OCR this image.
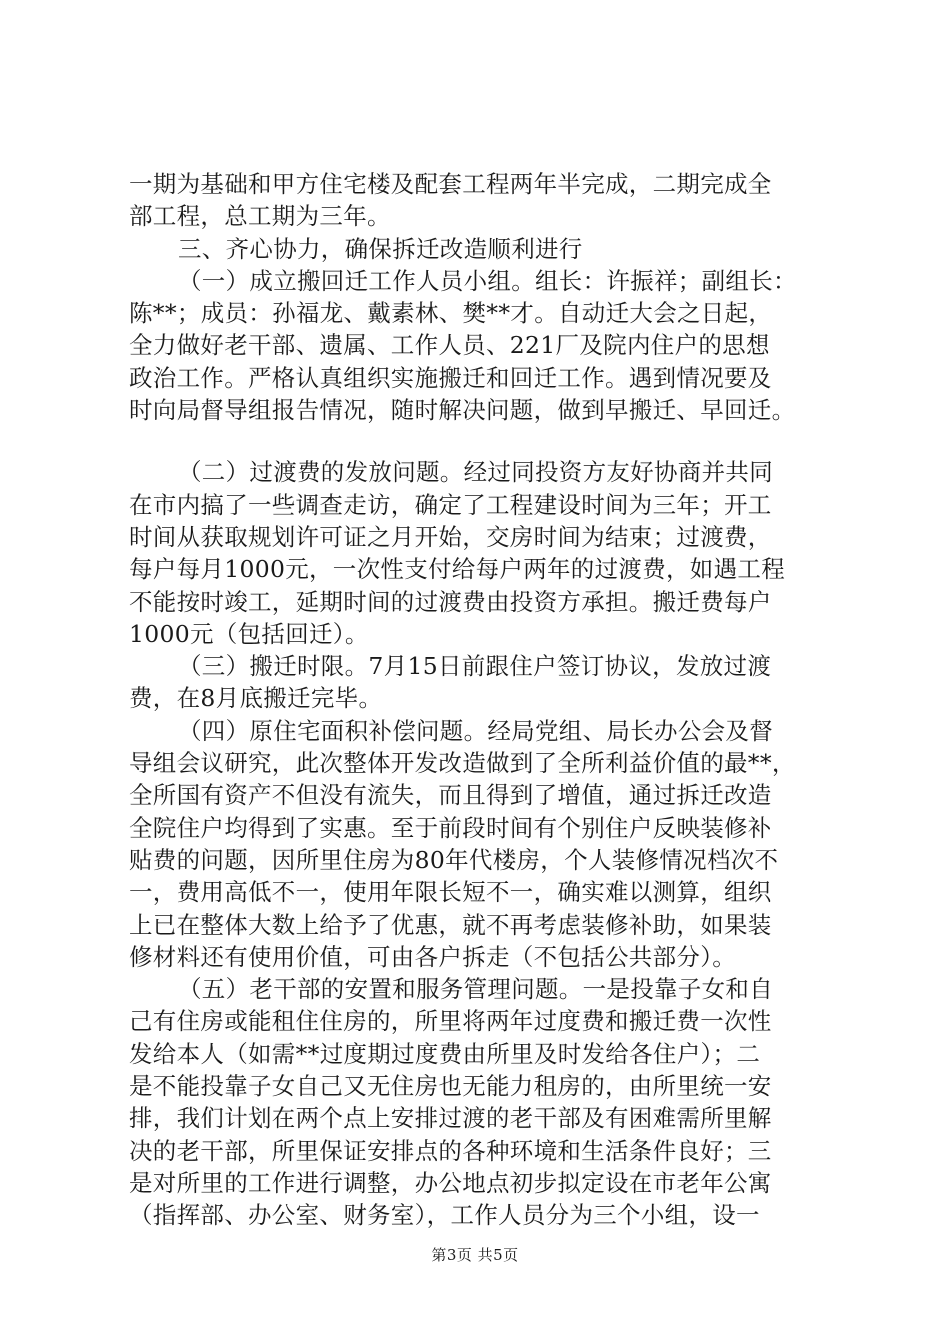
一期为基础和甲方住宅楼及配套工程两年半完成，二期完成全
部工程，总工期为三年。
三、齐心协力，确保拆迁改造顺利进行
（一）成立搬回迁工作人员小组。组长：许振祥；副组长：
陈**；成员：孙福龙、戴素林、樊**才。自动迁大会之日起，
全力做好老干部、遗属、工作人员、221厂及院内住户的思想
政治工作。严格认真组织实施搬迁和回迁工作。遇到情况要及
时向局督导组报告情况，随时解决问题，做到早搬迁、早回迁。
（二）过渡费的发放问题。经过同投资方友好协商并共同
在市内搞了一些调查走访，确定了工程建设时间为三年；开工
时间从获取规划许可证之月开始，交房时间为结束；过渡费，
每户每月1000元，一次性支付给每户两年的过渡费，如遇工程
不能按时竣工，延期时间的过渡费由投资方承担。搬迁费每户
1000元（包括回迁）。
（三）搬迁时限。7月15日前跟住户签订协议，发放过渡
费，在8月底搬迁完毕。
（四）原住宅面积补偿问题。经局党组、局长办公会及督
导组会议研究，此次整体开发改造做到了全所利益价值的最**，
全所国有资产不但没有流失，而且得到了增值，通过拆迁改造
全院住户均得到了实惠。至于前段时间有个别住户反映装修补
贴费的问题，因所里住房为80年代楼房，个人装修情况档次不
一，费用高低不一，使用年限长短不一，确实难以测算，组织
上已在整体大数上给予了优惠，就不再考虑装修补助，如果装
修材料还有使用价值，可由各户拆走（不包括公共部分）。
（五）老干部的安置和服务管理问题。一是投靠子女和自
己有住房或能租住住房的，所里将两年过度费和搬迁费一次性
发给本人（如需**过度期过度费由所里及时发给各住户）；二
是不能投靠子女自己又无住房也无能力租房的，由所里统一安
排，我们计划在两个点上安排过渡的老干部及有困难需所里解
决的老干部，所里保证安排点的各种环境和生活条件良好；三
是对所里的工作进行调整，办公地点初步拟定设在市老年公寓
（指挥部、办公室、财务室），工作人员分为三个小组，设一
第3页 共5页
